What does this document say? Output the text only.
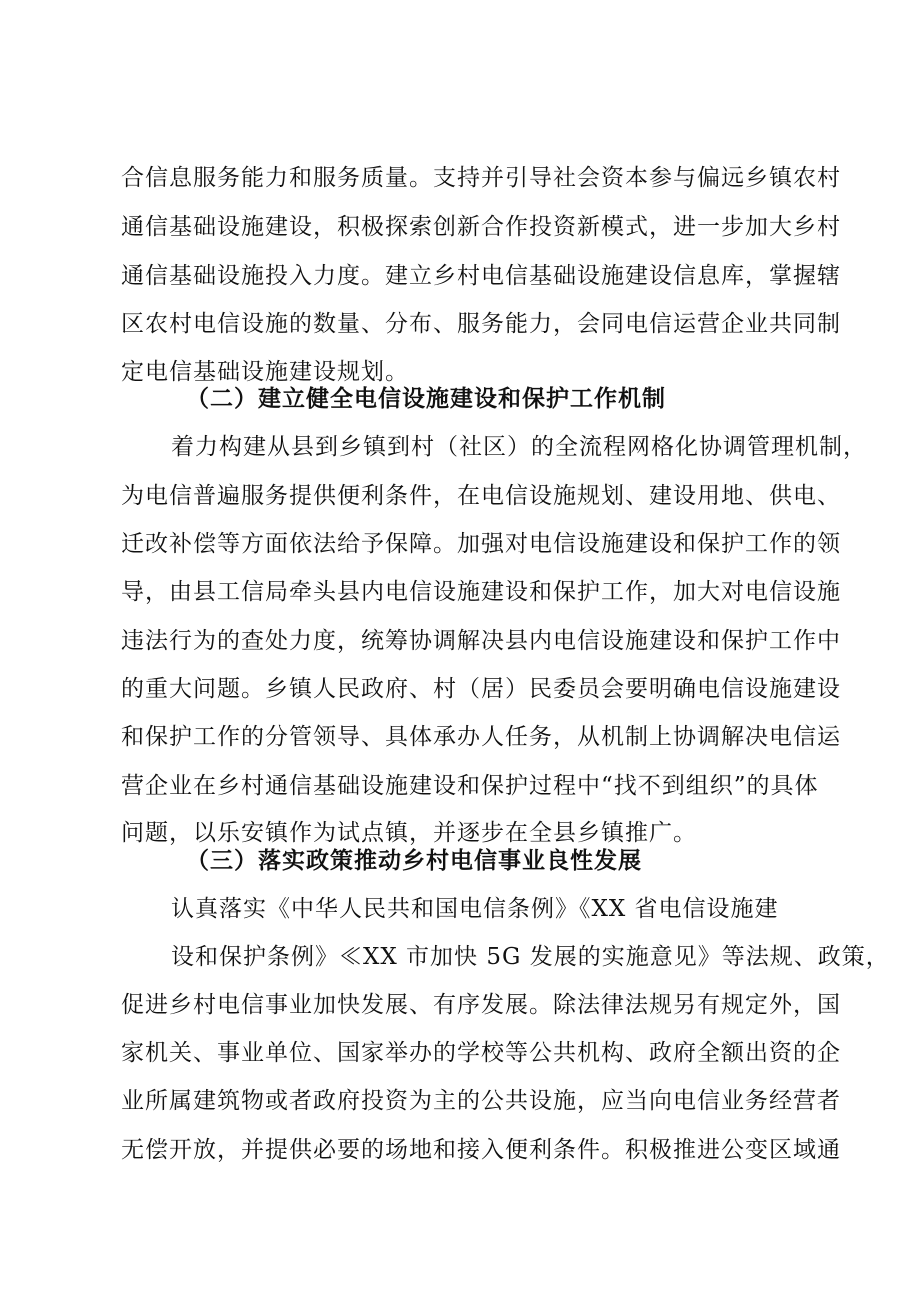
合信息服务能力和服务质量。支持并引导社会资本参与偏远乡镇农村
通信基础设施建设，积极探索创新合作投资新模式，进一步加大乡村
通信基础设施投入力度。建立乡村电信基础设施建设信息库，掌握辖
区农村电信设施的数量、分布、服务能力，会同电信运营企业共同制
定电信基础设施建设规划。
（二）建立健全电信设施建设和保护工作机制
着力构建从县到乡镇到村（社区）的全流程网格化协调管理机制，
为电信普遍服务提供便利条件，在电信设施规划、建设用地、供电、
迁改补偿等方面依法给予保障。加强对电信设施建设和保护工作的领
导，由县工信局牵头县内电信设施建设和保护工作，加大对电信设施
违法行为的查处力度，统筹协调解决县内电信设施建设和保护工作中
的重大问题。乡镇人民政府、村（居）民委员会要明确电信设施建设
和保护工作的分管领导、具体承办人任务，从机制上协调解决电信运
营企业在乡村通信基础设施建设和保护过程中“找不到组织”的具体
问题，以乐安镇作为试点镇，并逐步在全县乡镇推广。
（三）落实政策推动乡村电信事业良性发展
认真落实《中华人民共和国电信条例》《XX 省电信设施建
设和保护条例》≪XX 市加快 5G 发展的实施意见》等法规、政策，
促进乡村电信事业加快发展、有序发展。除法律法规另有规定外，国
家机关、事业单位、国家举办的学校等公共机构、政府全额出资的企
业所属建筑物或者政府投资为主的公共设施，应当向电信业务经营者
无偿开放，并提供必要的场地和接入便利条件。积极推进公变区域通
